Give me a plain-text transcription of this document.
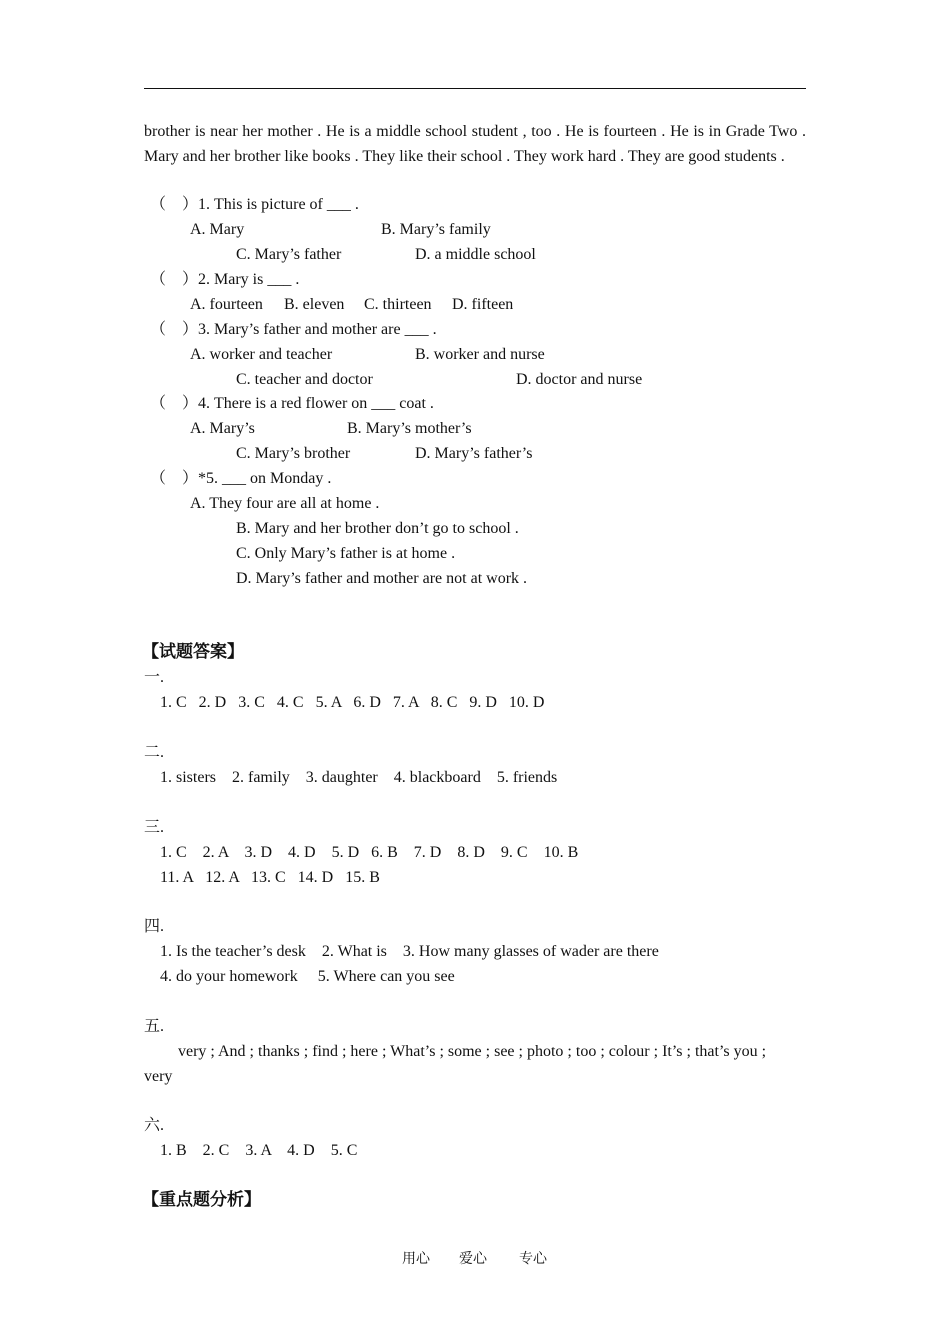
brother is near her mother . He is a middle school student , too . He is fourteen . He is in Grade Two . Mary and her brother like books . They like their school . They work hard . They are good students .
（　）1. This is picture of ___ .
A. Mary	B. Mary’s family
C. Mary’s father	D. a middle school
（　）2. Mary is ___ .
A. fourteen B. eleven C. thirteen D. fifteen
（　）3. Mary’s father and mother are ___ .
A. worker and teacher	B. worker and nurse
C. teacher and doctor	D. doctor and nurse
（　）4. There is a red flower on ___ coat .
A. Mary’s	B. Mary’s mother’s
C. Mary’s brother	D. Mary’s father’s
（　）*5. ___ on Monday .
A. They four are all at home .
B. Mary and her brother don’t go to school .
C. Only Mary’s father is at home .
D. Mary’s father and mother are not at work .
【试题答案】
一.
1. C   2. D   3. C   4. C   5. A   6. D   7. A   8. C   9. D   10. D
二.
1. sisters    2. family    3. daughter    4. blackboard    5. friends
三.
1. C    2. A    3. D    4. D    5. D   6. B    7. D    8. D    9. C    10. B
11. A   12. A   13. C   14. D   15. B
四.
1. Is the teacher’s desk    2. What is    3. How many glasses of wader are there
4. do your homework     5. Where can you see
五.
very ; And ; thanks ; find ; here ; What’s ; some ; see ; photo ; too ; colour ; It’s ; that’s you ;
very
六.
1. B    2. C    3. A    4. D    5. C
【重点题分析】
用心 爱心 专心
